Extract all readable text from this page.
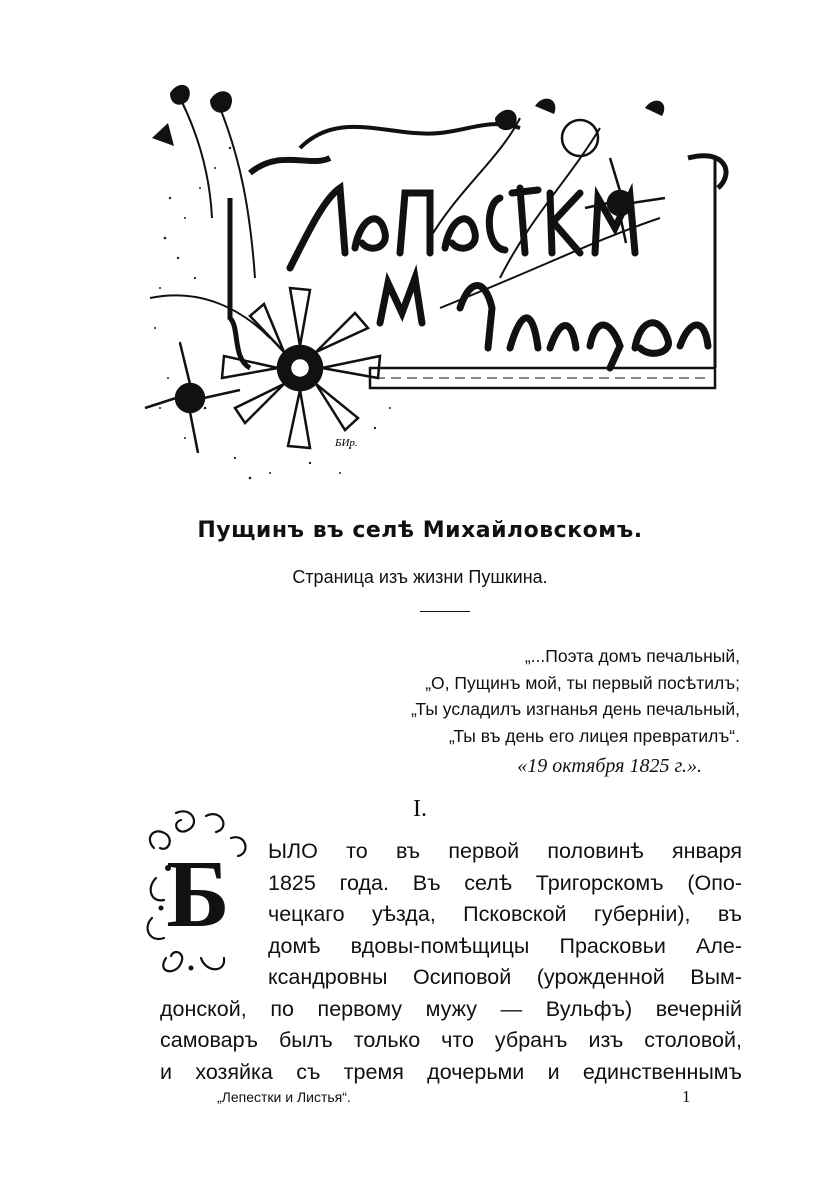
БИр.
Пущинъ въ селѣ Михайловскомъ.
Страница изъ жизни Пушкина.
„...Поэта домъ печальный,
„О, Пущинъ мой, ты первый посѣтилъ;
„Ты усладилъ изгнанья день печальный,
„Ты въ день его лицея превратилъ“.
«19 октября 1825 г.».
I.
Б ЫЛО то въ первой половинѣ января
1825 года. Въ селѣ Тригорскомъ (Опо-
чецкаго уѣзда, Псковской губерніи), въ
домѣ вдовы-помѣщицы Прасковьи Але-
ксандровны Осиповой (урожденной Вым-
донской, по первому мужу — Вульфъ) вечерній
самоваръ былъ только что убранъ изъ столовой,
и хозяйка съ тремя дочерьми и единственнымъ
„Лепестки и Листья“.	1
